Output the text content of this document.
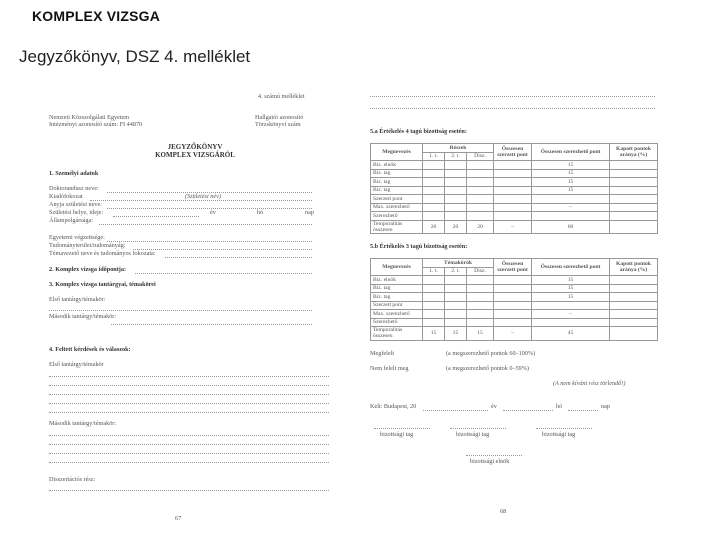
KOMPLEX VIZSGA
Jegyzőkönyv, DSZ 4. melléklet
4. számú melléklet
Nemzeti Közszolgálati Egyetem
Intézményi azonosító szám: FI 44870
Hallgatói azonosító
Törzskönyvi szám
JEGYZŐKÖNYV
KOMPLEX VIZSGÁRÓL
1. Személyi adatok
Doktorandusz neve:
Kiadófokozat	(Születési név)
Anyja születési neve:
Születési helye, ideje:	év	hó	nap
Állampolgársága:
Egyetemi végzettsége:
Tudományterület/tudományág:
Témavezető neve és tudományos fokozata:
2. Komplex vizsga időpontja:
3. Komplex vizsga tantárgyai, témakörei
Első tantárgy/témakör:
Második tantárgy/témakör:
4. Feltett kérdések és válaszok:
Első tantárgy/témakör
Második tantárgy/témakör:
Disszertációs rész:
67
5.a Értékelés 4 tagú bizottság esetén:
Megnevezés	Részek			Összesen szerzett pont	Összesen szerezhető pont	Kapott pontok aránya (%)
	1. t.	2. t.	Disz.			
Biz. elnök					15	
Biz. tag					15	
Biz. tag					15	
Biz. tag					15	
Szerzett pont						
Max. szerezhető					–	
Szerezhető						
Temporalitás összesen	20	20	20	–	60	
5.b Értékelés 3 tagú bizottság esetén:
Megnevezés	Témakörök			Összesen szerzett pont	Összesen szerezhető pont	Kapott pontok aránya (%)
	1. t.	2. t.	Disz.			
Biz. elnök					15	
Biz. tag					15	
Biz. tag					15	
Szerzett pont						
Max. szerezhető					–	
Szerezhető						
Temporalitás összesen	15	15	15	–	45	
Megfelelt	(a megszerezhető pontok 60–100%)
Nem felelt meg	(a megszerezhető pontok 0–59%)
(A nem kívánt rész törlendő!)
Kelt: Budapest, 20	év	hó	nap
bizottsági tag	bizottsági tag	bizottsági tag
bizottsági elnök
68
